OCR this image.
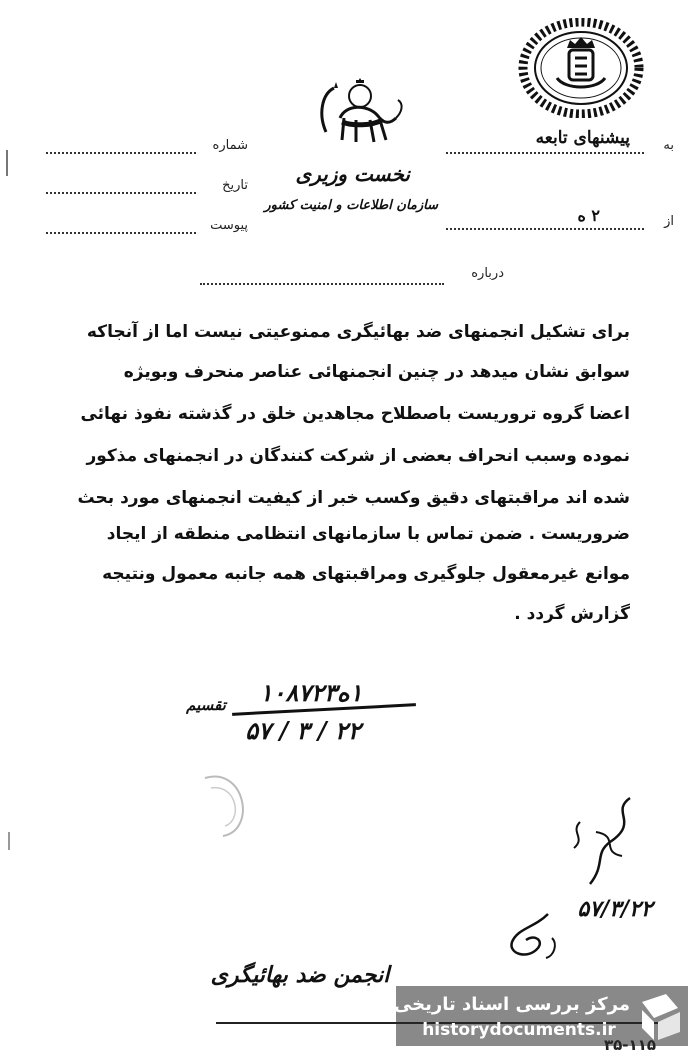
نخست وزیری
سازمان اطلاعات و امنیت کشور
شماره
تاریخ
پیوست
به
پیشنهای تابعه
از
۲ ه
درباره
برای تشکیل انجمنهای ضد بهائیگری ممنوعیتی نیست اما از آنجاکه
سوابق نشان میدهد در چنین انجمنهائی عناصر منحرف وبویژه
اعضا گروه تروریست باصطلاح مجاهدین خلق در گذشته نفوذ نهائی
نموده وسبب انحراف بعضی از شرکت کنندگان در انجمنهای مذکور
شده اند مراقبتهای دقیق وکسب خبر از کیفیت انجمنهای مورد بحث
ضروریست . ضمن تماس با سازمانهای انتظامی منطقه از ایجاد
موانع غیرمعقول جلوگیری ومراقبتهای همه جانبه معمول ونتیجه
گزارش گردد .
۱ه۱۰۸۷۲۳
تقسیم
۲۲ / ۳ / ۵۷
۵۷/۳/۲۲
انجمن ضد بهائیگری
مرکز بررسی اسناد تاریخی
historydocuments.ir
